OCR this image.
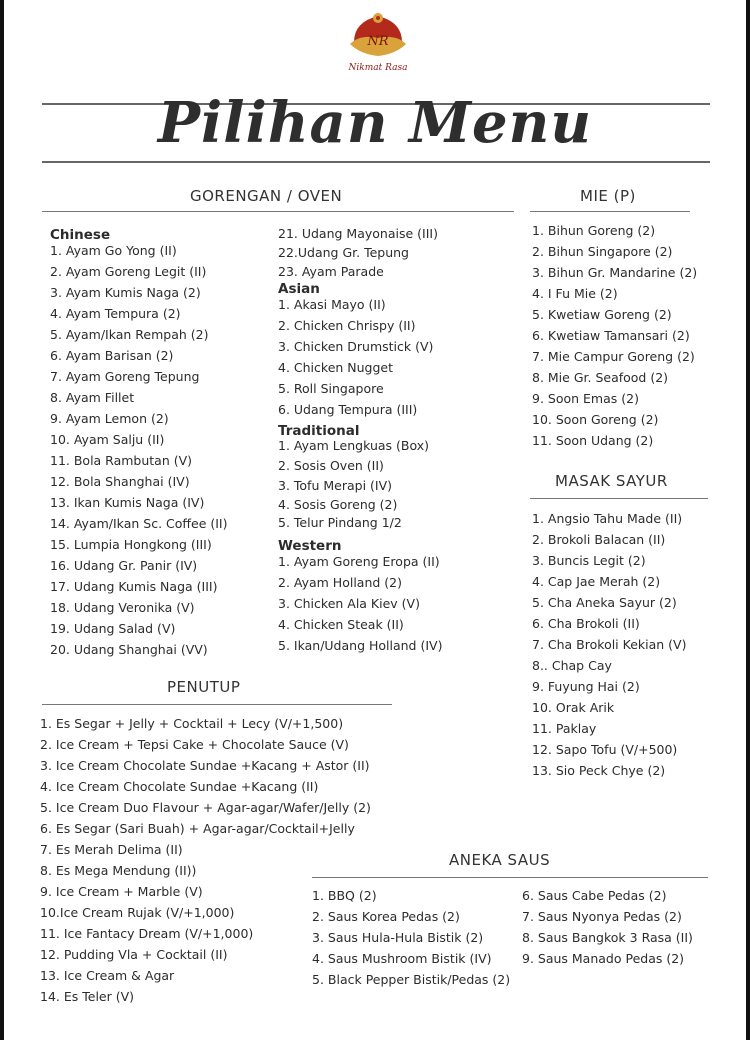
NR
Nikmat Rasa
Pilihan Menu
GORENGAN / OVEN
Chinese
1. Ayam Go Yong (II)
2. Ayam Goreng Legit (II)
3. Ayam Kumis Naga (2)
4. Ayam Tempura (2)
5. Ayam/Ikan Rempah (2)
6. Ayam Barisan (2)
7. Ayam Goreng Tepung
8. Ayam Fillet
9. Ayam Lemon (2)
10. Ayam Salju (II)
11. Bola Rambutan (V)
12. Bola Shanghai (IV)
13. Ikan Kumis Naga (IV)
14. Ayam/Ikan Sc. Coffee (II)
15. Lumpia Hongkong (III)
16. Udang Gr. Panir (IV)
17. Udang Kumis Naga (III)
18. Udang Veronika (V)
19. Udang Salad (V)
20. Udang Shanghai (VV)
21. Udang Mayonaise (III)
22.Udang Gr. Tepung
23. Ayam Parade
Asian
1. Akasi Mayo (II)
2. Chicken Chrispy (II)
3. Chicken Drumstick (V)
4. Chicken Nugget
5. Roll Singapore
6. Udang Tempura (III)
Traditional
1. Ayam Lengkuas (Box)
2. Sosis Oven (II)
3. Tofu Merapi (IV)
4. Sosis Goreng (2)
5. Telur Pindang 1/2
Western
1. Ayam Goreng Eropa (II)
2. Ayam Holland (2)
3. Chicken Ala Kiev (V)
4. Chicken Steak (II)
5. Ikan/Udang Holland (IV)
MIE (P)
1. Bihun Goreng (2)
2. Bihun Singapore (2)
3. Bihun Gr. Mandarine (2)
4. I Fu Mie (2)
5. Kwetiaw Goreng (2)
6. Kwetiaw Tamansari (2)
7. Mie Campur Goreng (2)
8. Mie Gr. Seafood (2)
9. Soon Emas (2)
10. Soon Goreng (2)
11. Soon Udang (2)
MASAK SAYUR
1. Angsio Tahu Made (II)
2. Brokoli Balacan (II)
3. Buncis Legit (2)
4. Cap Jae Merah (2)
5. Cha Aneka Sayur (2)
6. Cha Brokoli (II)
7. Cha Brokoli Kekian (V)
8.. Chap Cay
9. Fuyung Hai (2)
10. Orak Arik
11. Paklay
12. Sapo Tofu (V/+500)
13. Sio Peck Chye (2)
PENUTUP
1. Es Segar + Jelly + Cocktail + Lecy (V/+1,500)
2. Ice Cream + Tepsi Cake + Chocolate Sauce (V)
3. Ice Cream Chocolate Sundae +Kacang + Astor (II)
4. Ice Cream Chocolate Sundae +Kacang (II)
5. Ice Cream Duo Flavour + Agar-agar/Wafer/Jelly (2)
6. Es Segar (Sari Buah) + Agar-agar/Cocktail+Jelly
7. Es Merah Delima (II)
8. Es Mega Mendung (II))
9. Ice Cream + Marble (V)
10.Ice Cream Rujak (V/+1,000)
11. Ice Fantacy Dream (V/+1,000)
12. Pudding Vla + Cocktail (II)
13. Ice Cream & Agar
14. Es Teler (V)
ANEKA SAUS
1. BBQ (2)
2. Saus Korea Pedas (2)
3. Saus Hula-Hula Bistik (2)
4. Saus Mushroom Bistik (IV)
5. Black Pepper Bistik/Pedas (2)
6. Saus Cabe Pedas (2)
7. Saus Nyonya Pedas (2)
8. Saus Bangkok 3 Rasa (II)
9. Saus Manado Pedas (2)
